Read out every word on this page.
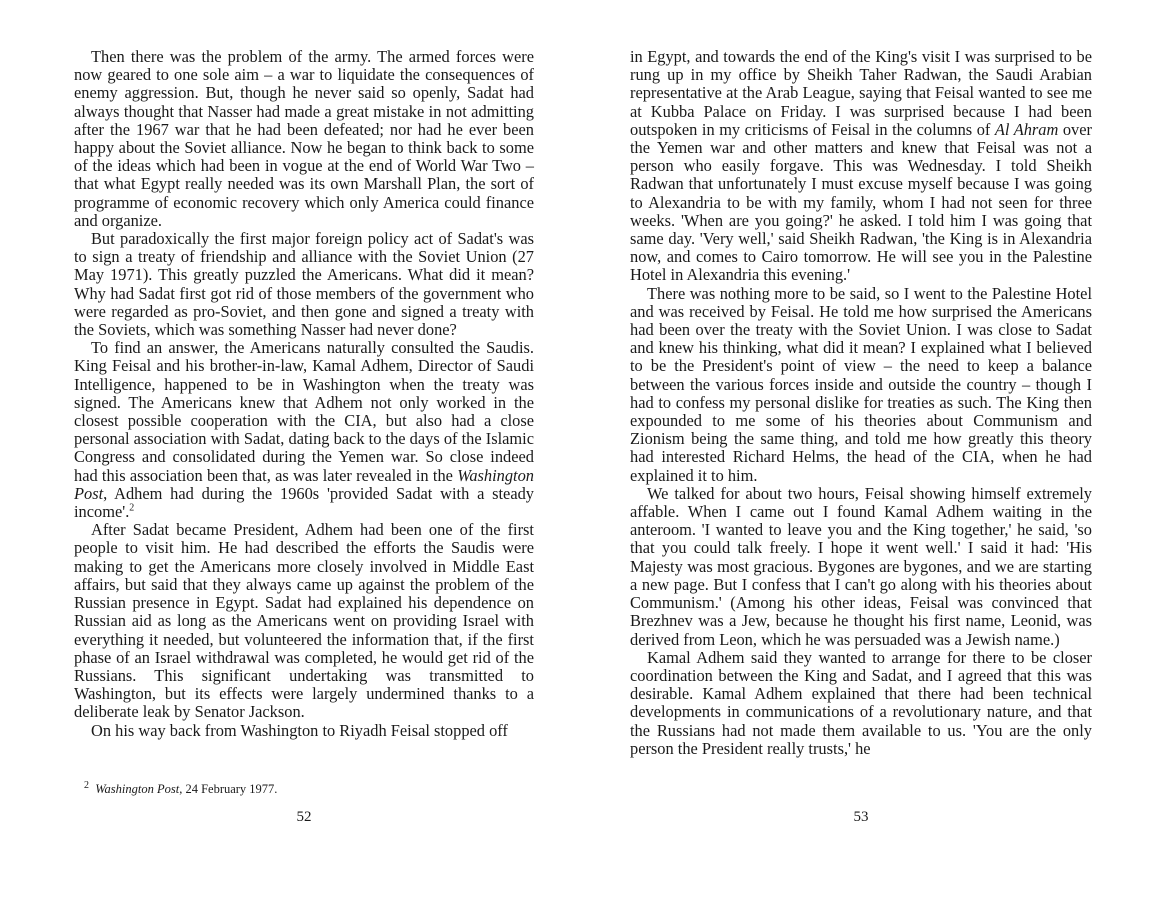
Then there was the problem of the army. The armed forces were now geared to one sole aim – a war to liquidate the consequences of enemy aggression. But, though he never said so openly, Sadat had always thought that Nasser had made a great mistake in not admitting after the 1967 war that he had been defeated; nor had he ever been happy about the Soviet alliance. Now he began to think back to some of the ideas which had been in vogue at the end of World War Two – that what Egypt really needed was its own Marshall Plan, the sort of programme of economic recovery which only America could finance and organize.

But paradoxically the first major foreign policy act of Sadat's was to sign a treaty of friendship and alliance with the Soviet Union (27 May 1971). This greatly puzzled the Americans. What did it mean? Why had Sadat first got rid of those members of the government who were regarded as pro-Soviet, and then gone and signed a treaty with the Soviets, which was something Nasser had never done?

To find an answer, the Americans naturally consulted the Saudis. King Feisal and his brother-in-law, Kamal Adhem, Director of Saudi Intelligence, happened to be in Washington when the treaty was signed. The Americans knew that Adhem not only worked in the closest possible cooperation with the CIA, but also had a close personal association with Sadat, dating back to the days of the Islamic Congress and consolidated during the Yemen war. So close indeed had this association been that, as was later revealed in the Washington Post, Adhem had during the 1960s 'provided Sadat with a steady income'.$^2$

After Sadat became President, Adhem had been one of the first people to visit him. He had described the efforts the Saudis were making to get the Americans more closely involved in Middle East affairs, but said that they always came up against the problem of the Russian presence in Egypt. Sadat had explained his dependence on Russian aid as long as the Americans went on providing Israel with everything it needed, but volunteered the information that, if the first phase of an Israel withdrawal was completed, he would get rid of the Russians. This significant undertaking was transmitted to Washington, but its effects were largely undermined thanks to a deliberate leak by Senator Jackson.

On his way back from Washington to Riyadh Feisal stopped off

$^2$ Washington Post, 24 February 1977.
52

in Egypt, and towards the end of the King's visit I was surprised to be rung up in my office by Sheikh Taher Radwan, the Saudi Arabian representative at the Arab League, saying that Feisal wanted to see me at Kubba Palace on Friday. I was surprised because I had been outspoken in my criticisms of Feisal in the columns of Al Ahram over the Yemen war and other matters and knew that Feisal was not a person who easily forgave. This was Wednesday. I told Sheikh Radwan that unfortunately I must excuse myself because I was going to Alexandria to be with my family, whom I had not seen for three weeks. 'When are you going?' he asked. I told him I was going that same day. 'Very well,' said Sheikh Radwan, 'the King is in Alexandria now, and comes to Cairo tomorrow. He will see you in the Palestine Hotel in Alexandria this evening.'

There was nothing more to be said, so I went to the Palestine Hotel and was received by Feisal. He told me how surprised the Americans had been over the treaty with the Soviet Union. I was close to Sadat and knew his thinking, what did it mean? I explained what I believed to be the President's point of view – the need to keep a balance between the various forces inside and outside the country – though I had to confess my personal dislike for treaties as such. The King then expounded to me some of his theories about Communism and Zionism being the same thing, and told me how greatly this theory had interested Richard Helms, the head of the CIA, when he had explained it to him.

We talked for about two hours, Feisal showing himself extremely affable. When I came out I found Kamal Adhem waiting in the anteroom. 'I wanted to leave you and the King together,' he said, 'so that you could talk freely. I hope it went well.' I said it had: 'His Majesty was most gracious. Bygones are bygones, and we are starting a new page. But I confess that I can't go along with his theories about Communism.' (Among his other ideas, Feisal was convinced that Brezhnev was a Jew, because he thought his first name, Leonid, was derived from Leon, which he was persuaded was a Jewish name.)

Kamal Adhem said they wanted to arrange for there to be closer coordination between the King and Sadat, and I agreed that this was desirable. Kamal Adhem explained that there had been technical developments in communications of a revolutionary nature, and that the Russians had not made them available to us. 'You are the only person the President really trusts,' he

53
